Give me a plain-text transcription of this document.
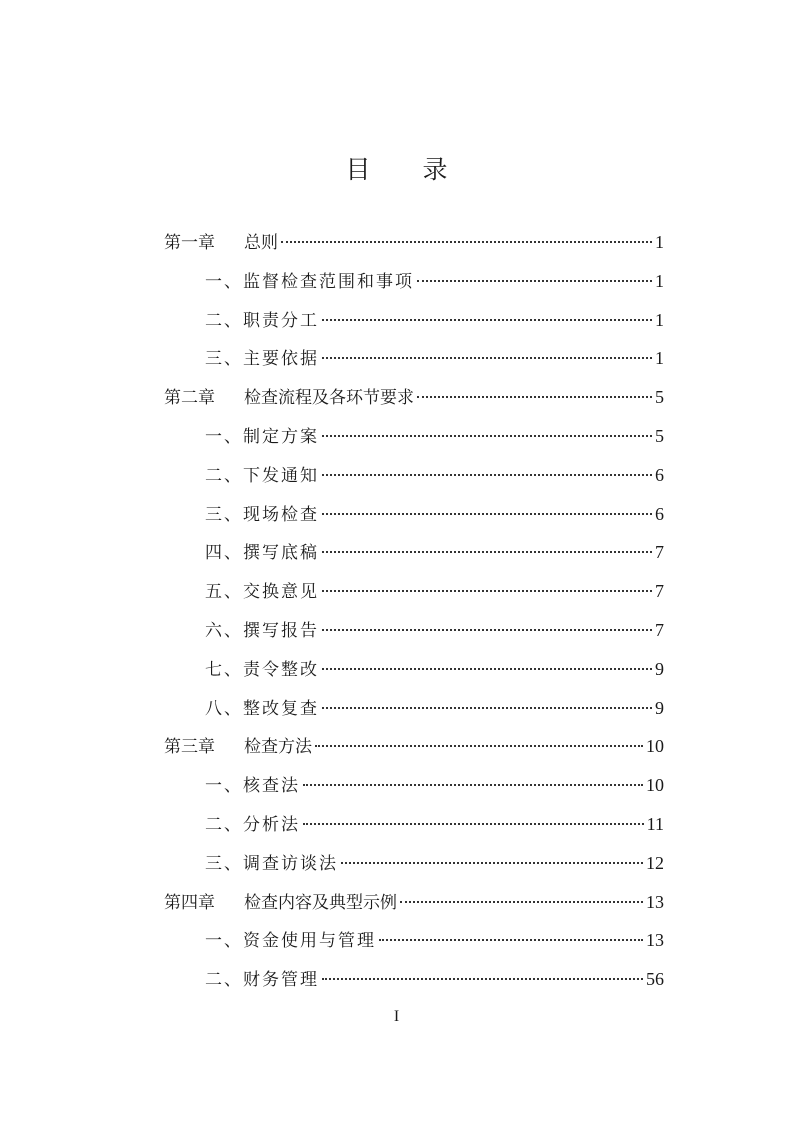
目 录
第一章	总则	1
一、监督检查范围和事项	1
二、职责分工	1
三、主要依据	1
第二章	检查流程及各环节要求	5
一、制定方案	5
二、下发通知	6
三、现场检查	6
四、撰写底稿	7
五、交换意见	7
六、撰写报告	7
七、责令整改	9
八、整改复查	9
第三章	检查方法	10
一、核查法	10
二、分析法	11
三、调查访谈法	12
第四章	检查内容及典型示例	13
一、资金使用与管理	13
二、财务管理	56
I
